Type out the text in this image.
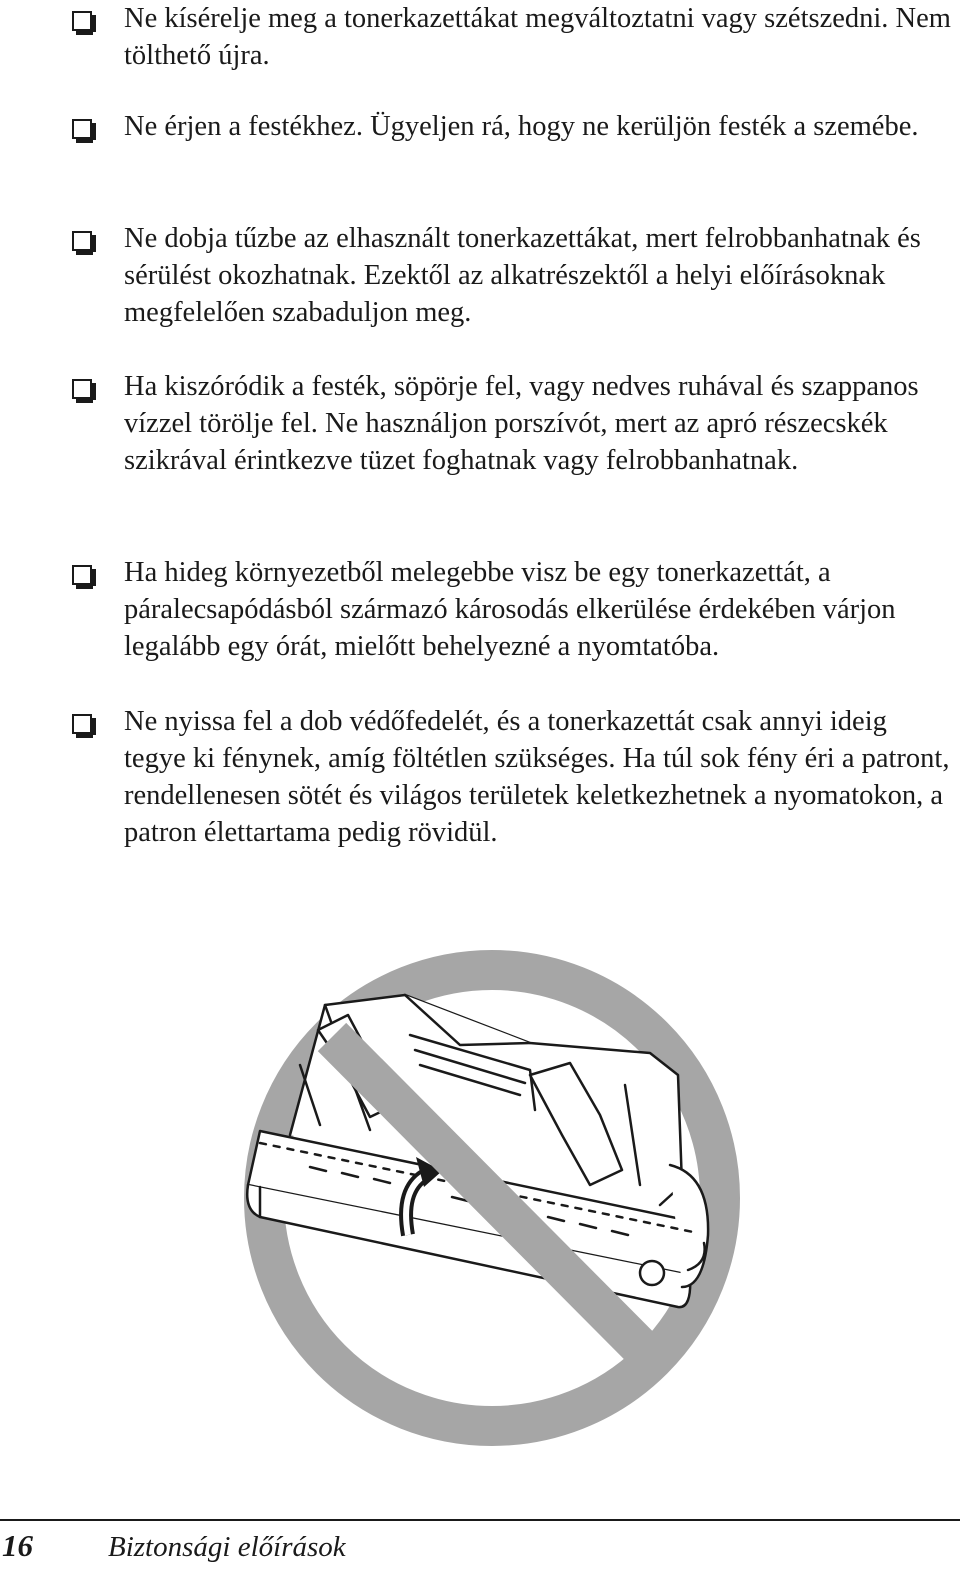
Ne kísérelje meg a tonerkazettákat megváltoztatni vagy szétszedni. Nem tölthető újra.

Ne érjen a festékhez. Ügyeljen rá, hogy ne kerüljön festék a szemébe.

Ne dobja tűzbe az elhasznált tonerkazettákat, mert felrobbanhatnak és sérülést okozhatnak. Ezektől az alkatrészektől a helyi előírásoknak megfelelően szabaduljon meg.

Ha kiszóródik a festék, söpörje fel, vagy nedves ruhával és szappanos vízzel törölje fel. Ne használjon porszívót, mert az apró részecskék szikrával érintkezve tüzet foghatnak vagy felrobbanhatnak.

Ha hideg környezetből melegebbe visz be egy tonerkazettát, a páralecsapódásból származó károsodás elkerülése érdekében várjon legalább egy órát, mielőtt behelyezné a nyomtatóba.

Ne nyissa fel a dob védőfedelét, és a tonerkazettát csak annyi ideig tegye ki fénynek, amíg föltétlen szükséges. Ha túl sok fény éri a patront, rendellenesen sötét és világos területek keletkezhetnek a nyomatokon, a patron élettartama pedig rövidül.

16	Biztonsági előírások
